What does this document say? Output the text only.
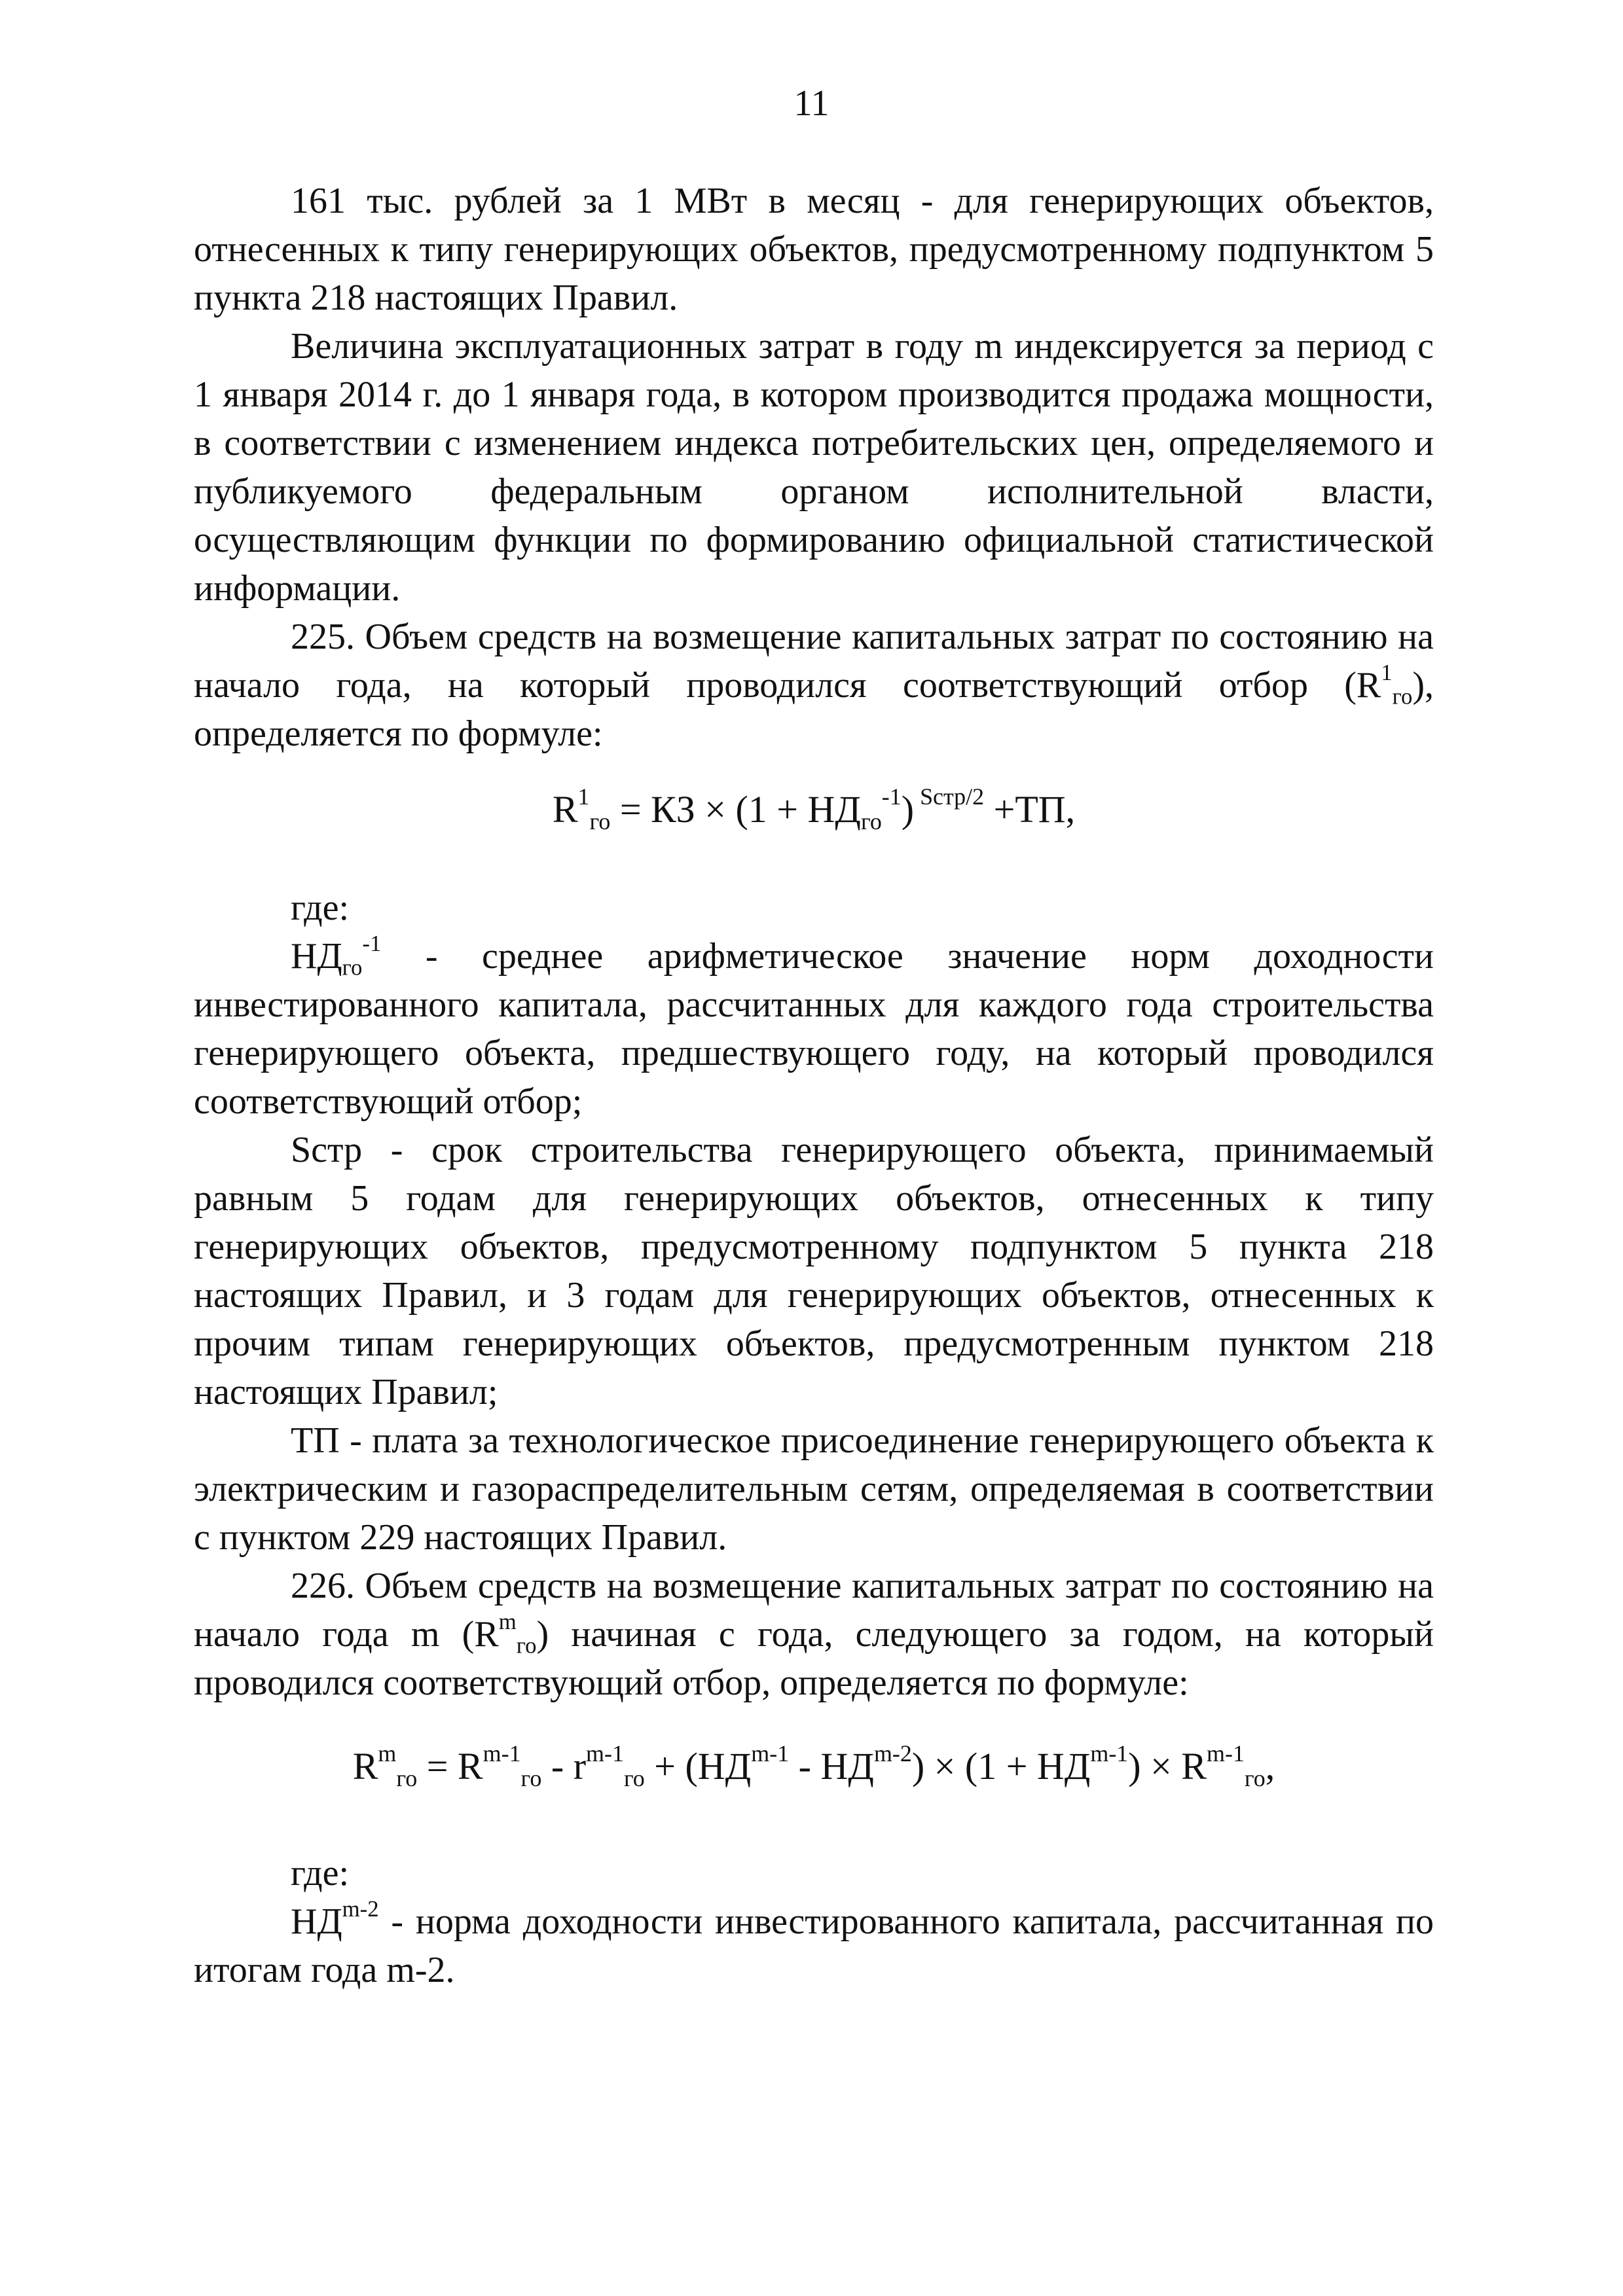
11

161 тыс. рублей за 1 МВт в месяц - для генерирующих объектов, отнесенных к типу генерирующих объектов, предусмотренному подпунктом 5 пункта 218 настоящих Правил.

Величина эксплуатационных затрат в году m индексируется за период с 1 января 2014 г. до 1 января года, в котором производится продажа мощности, в соответствии с изменением индекса потребительских цен, определяемого и публикуемого федеральным органом исполнительной власти, осуществляющим функции по формированию официальной статистической информации.

225. Объем средств на возмещение капитальных затрат по состоянию на начало года, на который проводился соответствующий отбор $(R^1_{го})$, определяется по формуле:

$R^1_{го}$ = КЗ × $(1 + НД_{го}^{-1})$ $^{Sстр/2}$ +ТП,

где:

$НД_{го}^{-1}$ - среднее арифметическое значение норм доходности инвестированного капитала, рассчитанных для каждого года строительства генерирующего объекта, предшествующего году, на который проводился соответствующий отбор;

Sстр - срок строительства генерирующего объекта, принимаемый равным 5 годам для генерирующих объектов, отнесенных к типу генерирующих объектов, предусмотренному подпунктом 5 пункта 218 настоящих Правил, и 3 годам для генерирующих объектов, отнесенных к прочим типам генерирующих объектов, предусмотренным пунктом 218 настоящих Правил;

ТП - плата за технологическое присоединение генерирующего объекта к электрическим и газораспределительным сетям, определяемая в соответствии с пунктом 229 настоящих Правил.

226. Объем средств на возмещение капитальных затрат по состоянию на начало года m $(R^m_{го})$ начиная с года, следующего за годом, на который проводился соответствующий отбор, определяется по формуле:

$R^m_{го} = R^{m-1}_{го} - r^{m-1}_{го} + (НД^{m-1} - НД^{m-2}) \times (1 + НД^{m-1}) \times R^{m-1}_{го}$,

где:

НД$^{m-2}$ - норма доходности инвестированного капитала, рассчитанная по итогам года m-2.
